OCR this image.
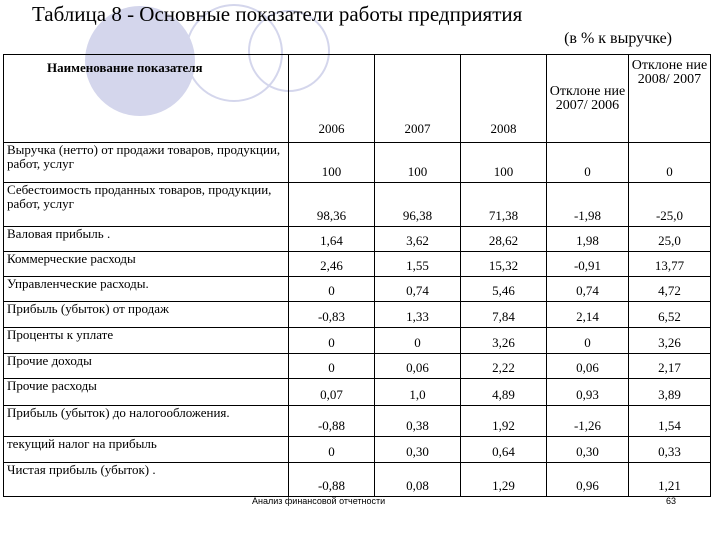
Таблица 8 - Основные показатели работы предприятия
(в % к выручке)
Наименование показателя	2006	2007	2008	Отклоне ние 2007/ 2006	Отклоне ние 2008/ 2007
Выручка (нетто) от продажи товаров, продукции, работ, услуг	100	100	100	0	0
Себестоимость проданных товаров, продукции, работ, услуг	98,36	96,38	71,38	-1,98	-25,0
Валовая прибыль .	1,64	3,62	28,62	1,98	25,0
Коммерческие расходы	2,46	1,55	15,32	-0,91	13,77
Управленческие расходы.	0	0,74	5,46	0,74	4,72
Прибыль (убыток) от продаж	-0,83	1,33	7,84	2,14	6,52
Проценты к уплате	0	0	3,26	0	3,26
Прочие доходы	0	0,06	2,22	0,06	2,17
Прочие расходы	0,07	1,0	4,89	0,93	3,89
Прибыль (убыток) до налогообложения.	-0,88	0,38	1,92	-1,26	1,54
текущий налог на прибыль	0	0,30	0,64	0,30	0,33
Чистая прибыль (убыток) .	-0,88	0,08	1,29	0,96	1,21
Анализ финансовой отчетности	63
